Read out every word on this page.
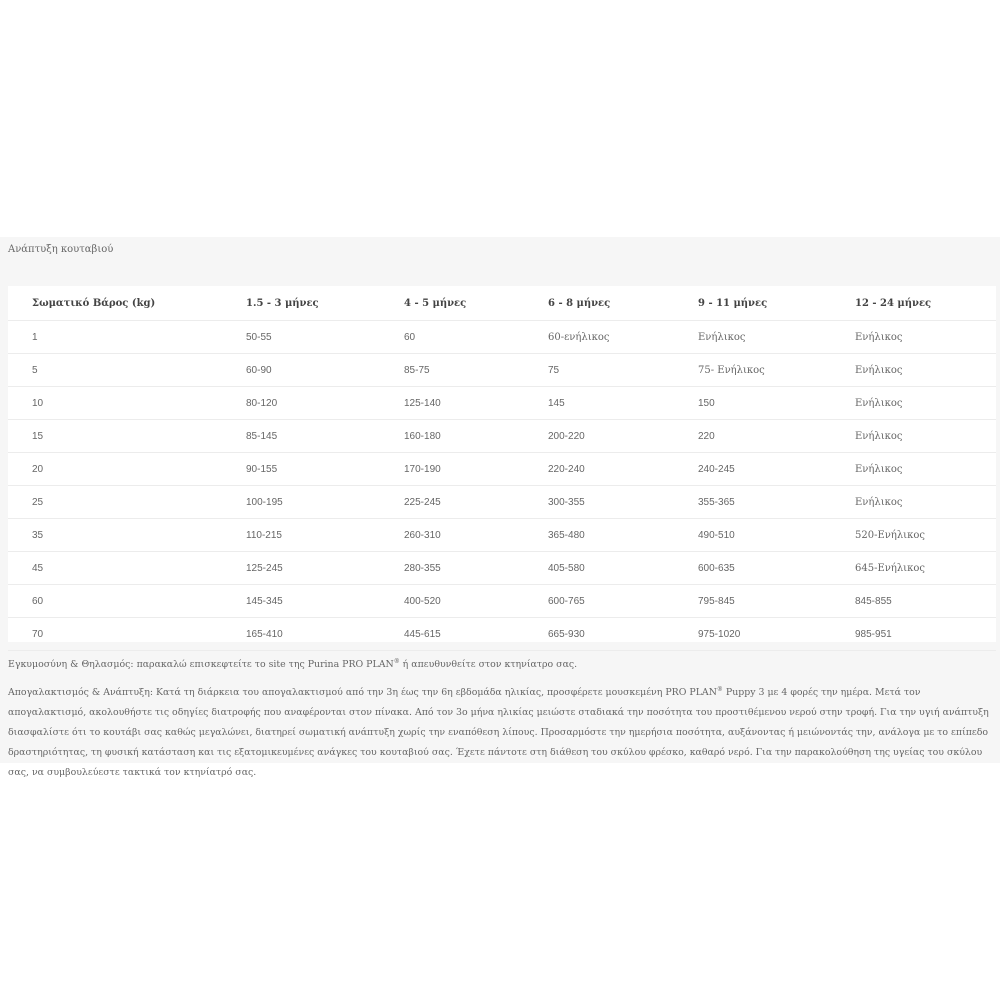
Ανάπτυξη κουταβιού
Σωματικό Βάρος (kg)	1.5 - 3 μήνες	4 - 5 μήνες	6 - 8 μήνες	9 - 11 μήνες	12 - 24 μήνες
1	50-55	60	60-ενήλικος	Ενήλικος	Ενήλικος
5	60-90	85-75	75	75- Ενήλικος	Ενήλικος
10	80-120	125-140	145	150	Ενήλικος
15	85-145	160-180	200-220	220	Ενήλικος
20	90-155	170-190	220-240	240-245	Ενήλικος
25	100-195	225-245	300-355	355-365	Ενήλικος
35	110-215	260-310	365-480	490-510	520-Ενήλικος
45	125-245	280-355	405-580	600-635	645-Ενήλικος
60	145-345	400-520	600-765	795-845	845-855
70	165-410	445-615	665-930	975-1020	985-951

Εγκυμοσύνη & Θηλασμός: παρακαλώ επισκεφτείτε το site της Purina PRO PLAN® ή απευθυνθείτε στον κτηνίατρο σας.

Απογαλακτισμός & Ανάπτυξη: Κατά τη διάρκεια του απογαλακτισμού από την 3η έως την 6η εβδομάδα ηλικίας, προσφέρετε μουσκεμένη PRO PLAN® Puppy 3 με 4 φορές την ημέρα. Μετά τον απογαλακτισμό, ακολουθήστε τις οδηγίες διατροφής που αναφέρονται στον πίνακα. Από τον 3ο μήνα ηλικίας μειώστε σταδιακά την ποσότητα του προστιθέμενου νερού στην τροφή. Για την υγιή ανάπτυξη διασφαλίστε ότι το κουτάβι σας καθώς μεγαλώνει, διατηρεί σωματική ανάπτυξη χωρίς την εναπόθεση λίπους. Προσαρμόστε την ημερήσια ποσότητα, αυξάνοντας ή μειώνοντάς την, ανάλογα με το επίπεδο δραστηριότητας, τη φυσική κατάσταση και τις εξατομικευμένες ανάγκες του κουταβιού σας. Έχετε πάντοτε στη διάθεση του σκύλου φρέσκο, καθαρό νερό. Για την παρακολούθηση της υγείας του σκύλου σας, να συμβουλεύεστε τακτικά τον κτηνίατρό σας.
